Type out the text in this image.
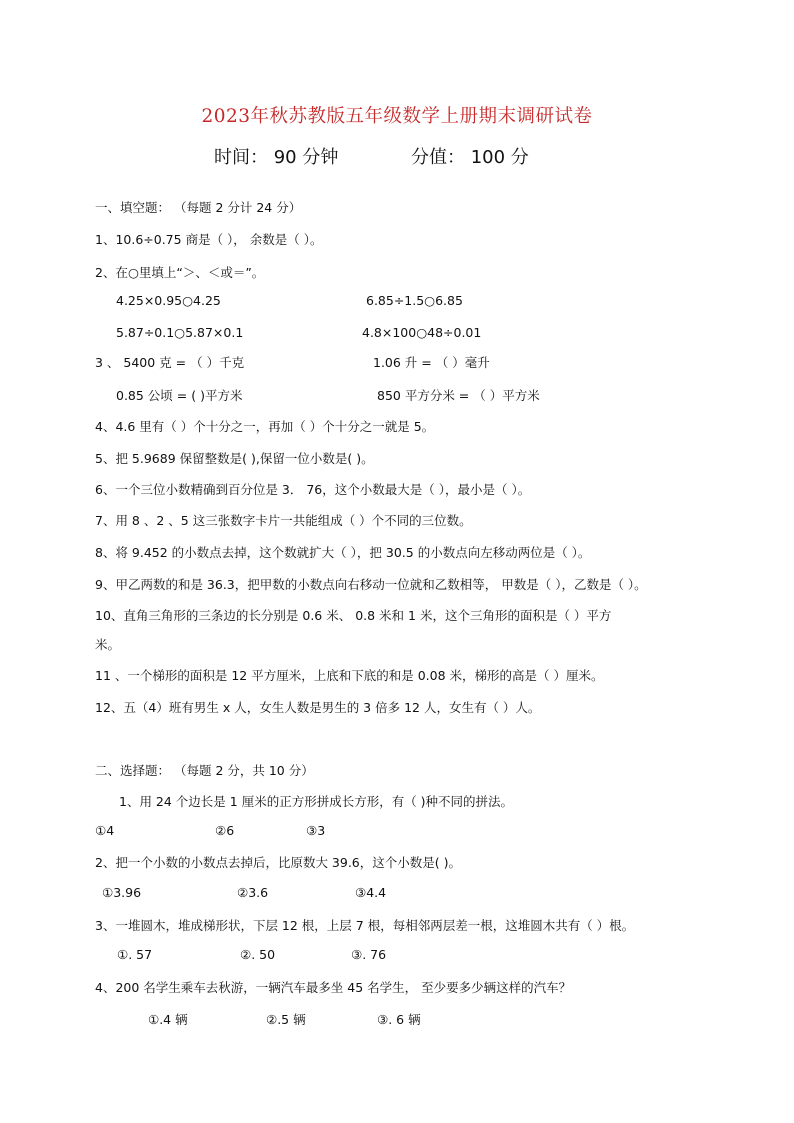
2023年秋苏教版五年级数学上册期末调研试卷
时间： 90 分钟	分值： 100 分
一、填空题： （每题 2 分计 24 分）
1、10.6÷0.75 商是（ ）， 余数是（ ）。
2、在○里填上“＞、＜或＝”。
4.25×0.95○4.25	6.85÷1.5○6.85
5.87÷0.1○5.87×0.1	4.8×100○48÷0.01
3 、 5400 克 = （ ）千克	1.06 升 = （ ）毫升
0.85 公顷 = ( )平方米	850 平方分米 = （ ）平方米
4、4.6 里有（ ）个十分之一，再加（ ）个十分之一就是 5。
5、把 5.9689 保留整数是( ),保留一位小数是( )。
6、一个三位小数精确到百分位是 3． 76，这个小数最大是（ ），最小是（ ）。
7、用 8 、2 、5 这三张数字卡片一共能组成（ ）个不同的三位数。
8、将 9.452 的小数点去掉，这个数就扩大（ ），把 30.5 的小数点向左移动两位是（ ）。
9、甲乙两数的和是 36.3，把甲数的小数点向右移动一位就和乙数相等， 甲数是（ ），乙数是（ ）。
10、直角三角形的三条边的长分别是 0.6 米、 0.8 米和 1 米，这个三角形的面积是（ ）平方
米。
11 、一个梯形的面积是 12 平方厘米，上底和下底的和是 0.08 米，梯形的高是（ ）厘米。
12、五（4）班有男生 x 人，女生人数是男生的 3 倍多 12 人，女生有（ ）人。
二、选择题： （每题 2 分，共 10 分）
1、用 24 个边长是 1 厘米的正方形拼成长方形，有（ )种不同的拼法。
①4	②6	③3
2、把一个小数的小数点去掉后，比原数大 39.6，这个小数是( )。
①3.96	②3.6	③4.4
3、一堆圆木，堆成梯形状，下层 12 根，上层 7 根，每相邻两层差一根，这堆圆木共有（ ）根。
①. 57	②. 50	③. 76
4、200 名学生乘车去秋游，一辆汽车最多坐 45 名学生， 至少要多少辆这样的汽车？
①.4 辆	②.5 辆	③. 6 辆
